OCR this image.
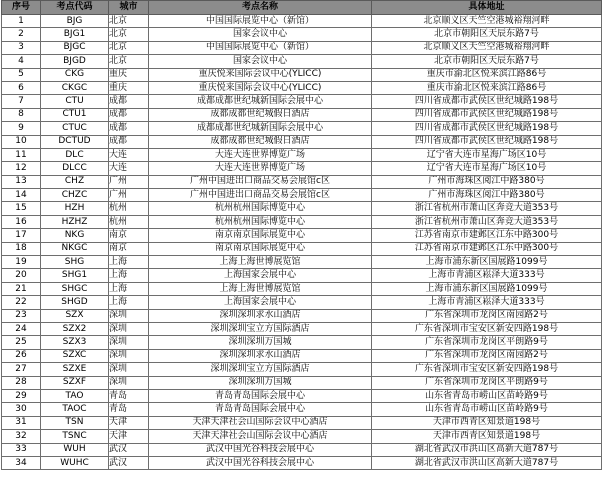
序号	考点代码	城市	考点名称	具体地址
1	BJG	北京	中国国际展览中心（新馆）	北京顺义区天竺空港城裕翔河畔
2	BJG1	北京	国家会议中心	北京市朝阳区天辰东路7号
3	BJGC	北京	中国国际展览中心（新馆）	北京顺义区天竺空港城裕翔河畔
4	BJGD	北京	国家会议中心	北京市朝阳区天辰东路7号
5	CKG	重庆	重庆悦来国际会议中心(YLICC)	重庆市渝北区悦来滨江路86号
6	CKGC	重庆	重庆悦来国际会议中心(YLICC)	重庆市渝北区悦来滨江路86号
7	CTU	成都	成都成都世纪城新国际会展中心	四川省成都市武侯区世纪城路198号
8	CTU1	成都	成都成都世纪城假日酒店	四川省成都市武侯区世纪城路198号
9	CTUC	成都	成都成都世纪城新国际会展中心	四川省成都市武侯区世纪城路198号
10	DCTUD	成都	成都成都世纪城假日酒店	四川省成都市武侯区世纪城路198号
11	DLC	大连	大连大连世界博览广场	辽宁省大连市星海广场区10号
12	DLCC	大连	大连大连世界博览广场	辽宁省大连市星海广场区10号
13	CHZ	广州	广州中国进出口商品交易会展馆c区	广州市海珠区阅江中路380号
14	CHZC	广州	广州中国进出口商品交易会展馆c区	广州市海珠区阅江中路380号
15	HZH	杭州	杭州杭州国际博览中心	浙江省杭州市萧山区奔竞大道353号
16	HZHZ	杭州	杭州杭州国际博览中心	浙江省杭州市萧山区奔竞大道353号
17	NKG	南京	南京南京国际展览中心	江苏省南京市建邺区江东中路300号
18	NKGC	南京	南京南京国际展览中心	江苏省南京市建邺区江东中路300号
19	SHG	上海	上海上海世博展览馆	上海市浦东新区国展路1099号
20	SHG1	上海	上海国家会展中心	上海市青浦区崧泽大道333号
21	SHGC	上海	上海上海世博展览馆	上海市浦东新区国展路1099号
22	SHGD	上海	上海国家会展中心	上海市青浦区崧泽大道333号
23	SZX	深圳	深圳深圳求水山酒店	广东省深圳市龙岗区南园路2号
24	SZX2	深圳	深圳深圳宝立方国际酒店	广东省深圳市宝安区新安四路198号
25	SZX3	深圳	深圳深圳万国城	广东省深圳市龙岗区平朗路9号
26	SZXC	深圳	深圳深圳求水山酒店	广东省深圳市龙岗区南园路2号
27	SZXE	深圳	深圳深圳宝立方国际酒店	广东省深圳市宝安区新安四路198号
28	SZXF	深圳	深圳深圳万国城	广东省深圳市龙岗区平朗路9号
29	TAO	青岛	青岛青岛国际会展中心	山东省青岛市崂山区苗岭路9号
30	TAOC	青岛	青岛青岛国际会展中心	山东省青岛市崂山区苗岭路9号
31	TSN	天津	天津天津社会山国际会议中心酒店	天津市西青区知景道198号
32	TSNC	天津	天津天津社会山国际会议中心酒店	天津市西青区知景道198号
33	WUH	武汉	武汉中国光谷科技会展中心	湖北省武汉市洪山区高新大道787号
34	WUHC	武汉	武汉中国光谷科技会展中心	湖北省武汉市洪山区高新大道787号
